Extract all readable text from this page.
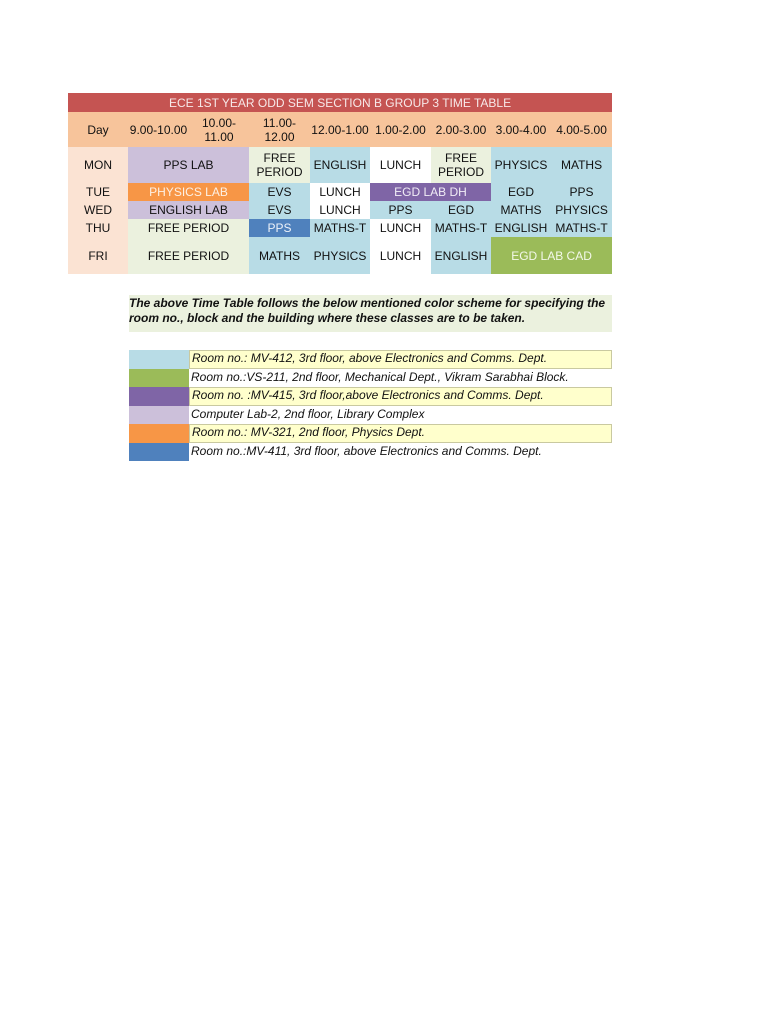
ECE 1ST YEAR ODD SEM SECTION B GROUP 3 TIME TABLE								
Day	9.00-10.00	10.00-11.00	11.00-12.00	12.00-1.00	1.00-2.00	2.00-3.00	3.00-4.00	4.00-5.00
MON	PPS LAB		FREE PERIOD	ENGLISH	LUNCH	FREE PERIOD	PHYSICS	MATHS
TUE	PHYSICS LAB		EVS	LUNCH	EGD LAB DH		EGD	PPS
WED	ENGLISH LAB		EVS	LUNCH	PPS	EGD	MATHS	PHYSICS
THU	FREE PERIOD		PPS	MATHS-T	LUNCH	MATHS-T	ENGLISH	MATHS-T
FRI	FREE PERIOD		MATHS	PHYSICS	LUNCH	ENGLISH	EGD LAB CAD	
The above Time Table follows the below mentioned color scheme for specifying the room no., block and the building where these classes are to be taken.
Room no.: MV-412, 3rd floor, above Electronics and Comms. Dept.
Room no.:VS-211, 2nd floor, Mechanical Dept., Vikram Sarabhai Block.
Room no. :MV-415, 3rd floor,above Electronics and Comms. Dept.
Computer Lab-2, 2nd floor, Library Complex
Room no.: MV-321, 2nd floor, Physics Dept.
Room no.:MV-411, 3rd floor, above Electronics and Comms. Dept.
